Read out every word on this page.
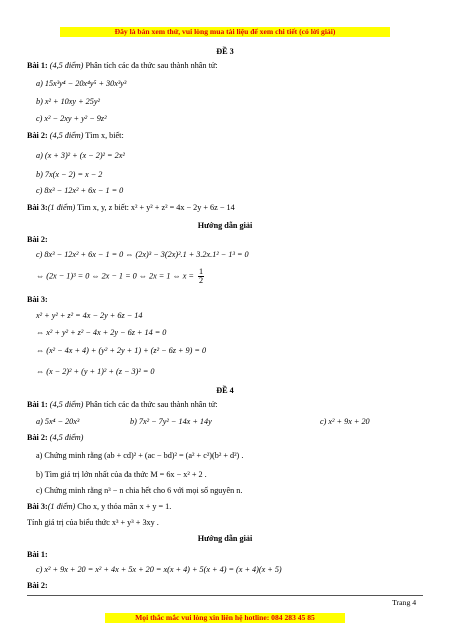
Đây là bản xem thử, vui lòng mua tài liệu để xem chi tiết (có lời giải)
ĐỀ 3
Bài 1: (4,5 điểm) Phân tích các đa thức sau thành nhân tử:
a) 15x³y⁴ − 20x⁴y⁵ + 30x³y³
b) x² + 10xy + 25y²
c) x² − 2xy + y² − 9z²
Bài 2: (4,5 điểm) Tìm x, biết:
a) (x + 3)² + (x − 2)² = 2x²
b) 7x(x − 2) = x − 2
c) 8x³ − 12x² + 6x − 1 = 0
Bài 3:(1 điểm) Tìm x, y, z biết: x² + y² + z² = 4x − 2y + 6z − 14
Hướng dẫn giải
Bài 2:
c) 8x³ − 12x² + 6x − 1 = 0 ⇔ (2x)³ − 3(2x)².1 + 3.2x.1² − 1³ = 0
⇔ (2x − 1)³ = 0 ⇔ 2x − 1 = 0 ⇔ 2x = 1 ⇔ $x = \frac{1}{2}$
Bài 3:
x² + y² + z² = 4x − 2y + 6z − 14
⇔ x² + y² + z² − 4x + 2y − 6z + 14 = 0
⇔ (x² − 4x + 4) + (y² + 2y + 1) + (z² − 6z + 9) = 0
⇔ (x − 2)² + (y + 1)² + (z − 3)² = 0
ĐỀ 4
Bài 1: (4,5 điểm) Phân tích các đa thức sau thành nhân tử:
a) 5x⁴ − 20x³	b) 7x² − 7y² − 14x + 14y	c) x² + 9x + 20
Bài 2: (4,5 điểm)
a) Chứng minh rằng (ab + cd)² + (ac − bd)² = (a² + c²)(b² + d²) .
b) Tìm giá trị lớn nhất của đa thức M = 6x − x² + 2 .
c) Chứng minh rằng n³ − n chia hết cho 6 với mọi số nguyên n.
Bài 3:(1 điểm) Cho x, y thỏa mãn x + y = 1.
Tính giá trị của biểu thức x³ + y³ + 3xy .
Hướng dẫn giải
Bài 1:
c) x² + 9x + 20 = x² + 4x + 5x + 20 = x(x + 4) + 5(x + 4) = (x + 4)(x + 5)
Bài 2:
Trang 4
Mọi thắc mắc vui lòng xin liên hệ hotline: 084 283 45 85
